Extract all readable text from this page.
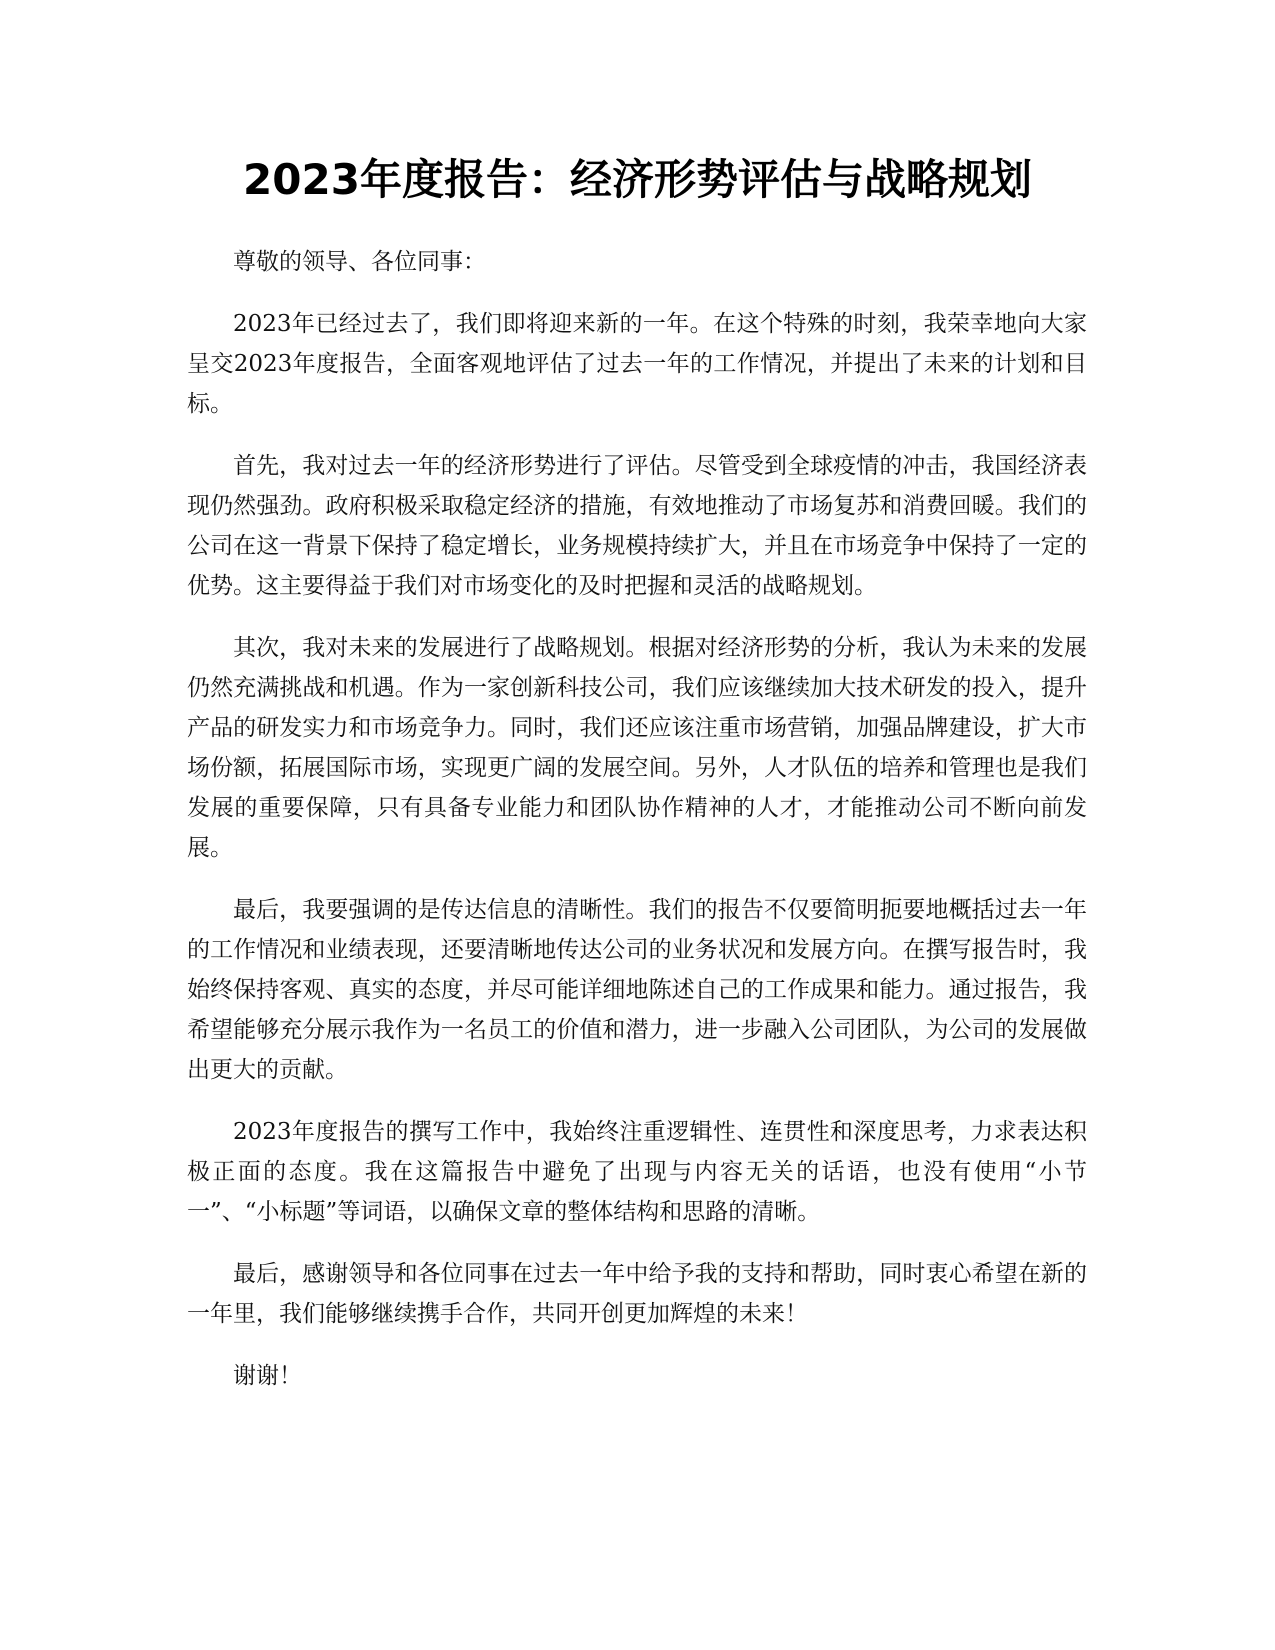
2023年度报告：经济形势评估与战略规划

尊敬的领导、各位同事：

2023年已经过去了，我们即将迎来新的一年。在这个特殊的时刻，我荣幸地向大家呈交2023年度报告，全面客观地评估了过去一年的工作情况，并提出了未来的计划和目标。

首先，我对过去一年的经济形势进行了评估。尽管受到全球疫情的冲击，我国经济表现仍然强劲。政府积极采取稳定经济的措施，有效地推动了市场复苏和消费回暖。我们的公司在这一背景下保持了稳定增长，业务规模持续扩大，并且在市场竞争中保持了一定的优势。这主要得益于我们对市场变化的及时把握和灵活的战略规划。

其次，我对未来的发展进行了战略规划。根据对经济形势的分析，我认为未来的发展仍然充满挑战和机遇。作为一家创新科技公司，我们应该继续加大技术研发的投入，提升产品的研发实力和市场竞争力。同时，我们还应该注重市场营销，加强品牌建设，扩大市场份额，拓展国际市场，实现更广阔的发展空间。另外，人才队伍的培养和管理也是我们发展的重要保障，只有具备专业能力和团队协作精神的人才，才能推动公司不断向前发展。

最后，我要强调的是传达信息的清晰性。我们的报告不仅要简明扼要地概括过去一年的工作情况和业绩表现，还要清晰地传达公司的业务状况和发展方向。在撰写报告时，我始终保持客观、真实的态度，并尽可能详细地陈述自己的工作成果和能力。通过报告，我希望能够充分展示我作为一名员工的价值和潜力，进一步融入公司团队，为公司的发展做出更大的贡献。

2023年度报告的撰写工作中，我始终注重逻辑性、连贯性和深度思考，力求表达积极正面的态度。我在这篇报告中避免了出现与内容无关的话语，也没有使用“小节一”、“小标题”等词语，以确保文章的整体结构和思路的清晰。

最后，感谢领导和各位同事在过去一年中给予我的支持和帮助，同时衷心希望在新的一年里，我们能够继续携手合作，共同开创更加辉煌的未来！

谢谢！
